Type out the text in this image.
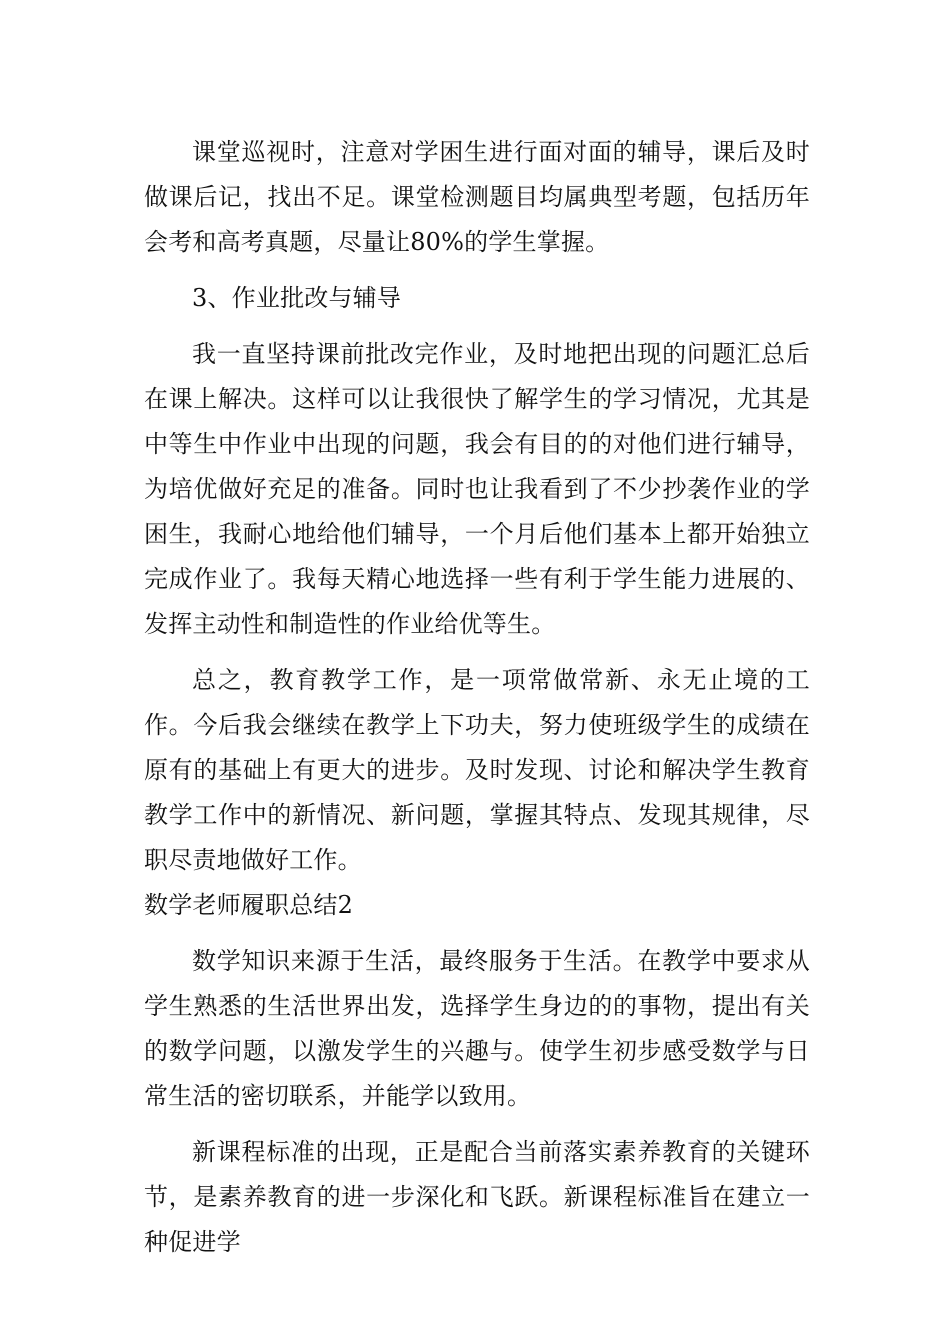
课堂巡视时，注意对学困生进行面对面的辅导，课后及时做课后记，找出不足。课堂检测题目均属典型考题，包括历年会考和高考真题，尽量让80%的学生掌握。

3、作业批改与辅导

我一直坚持课前批改完作业，及时地把出现的问题汇总后在课上解决。这样可以让我很快了解学生的学习情况，尤其是中等生中作业中出现的问题，我会有目的的对他们进行辅导，为培优做好充足的准备。同时也让我看到了不少抄袭作业的学困生，我耐心地给他们辅导，一个月后他们基本上都开始独立完成作业了。我每天精心地选择一些有利于学生能力进展的、发挥主动性和制造性的作业给优等生。

总之，教育教学工作，是一项常做常新、永无止境的工作。今后我会继续在教学上下功夫，努力使班级学生的成绩在原有的基础上有更大的进步。及时发现、讨论和解决学生教育教学工作中的新情况、新问题，掌握其特点、发现其规律，尽职尽责地做好工作。

数学老师履职总结2

数学知识来源于生活，最终服务于生活。在教学中要求从学生熟悉的生活世界出发，选择学生身边的的事物，提出有关的数学问题，以激发学生的兴趣与。使学生初步感受数学与日常生活的密切联系，并能学以致用。

新课程标准的出现，正是配合当前落实素养教育的关键环节，是素养教育的进一步深化和飞跃。新课程标准旨在建立一种促进学
